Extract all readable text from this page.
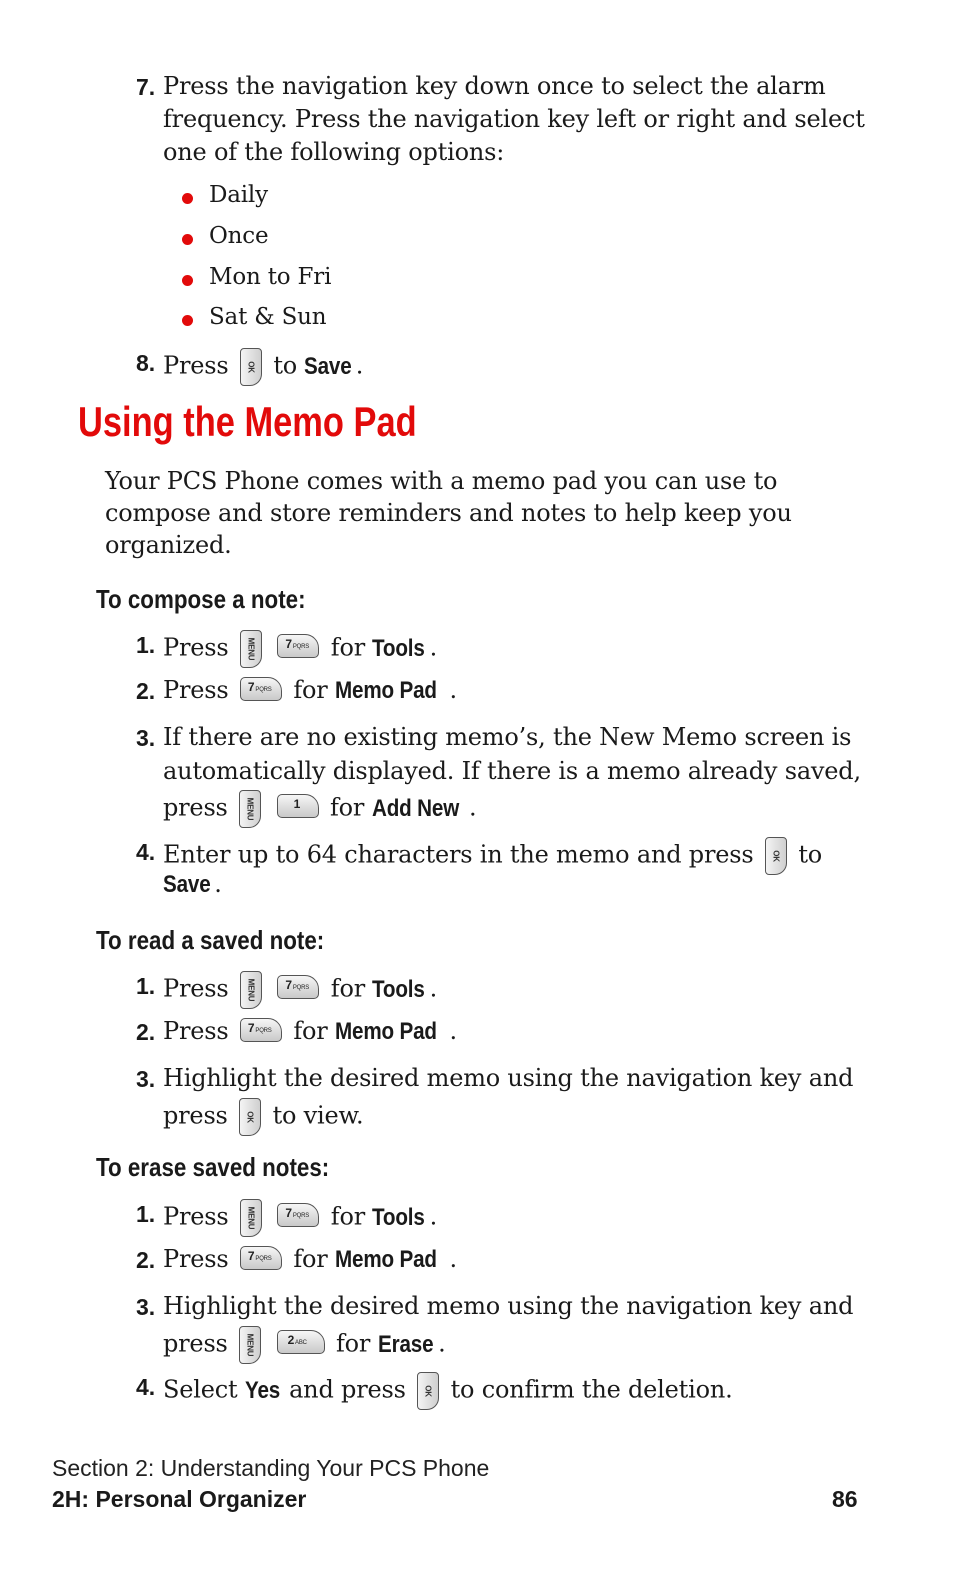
7. Press the navigation key down once to select the alarm
frequency. Press the navigation key left or right and select
one of the following options:
Daily
Once
Mon to Fri
Sat & Sun
8. Press OK to Save .
Using the Memo Pad
Your PCS Phone comes with a memo pad you can use to
compose and store reminders and notes to help keep you
organized.
To compose a note:
1. Press MENU
7PQRS for Tools .
2. Press 7PQRS for Memo Pad .
3. If there are no existing memo’s, the New Memo screen is
automatically displayed. If there is a memo already saved,
press MENU
	1 for Add New .
4. Enter up to 64 characters in the memo and press OK to
Save .
To read a saved note:
1. Press MENU
7PQRS for Tools .
2. Press 7PQRS for Memo Pad .
3. Highlight the desired memo using the navigation key and
press OK to view.
To erase saved notes:
1. Press MENU
7PQRS for Tools .
2. Press 7PQRS for Memo Pad .
3. Highlight the desired memo using the navigation key and
press MENU
	2ABC for Erase .
4. Select Yes and press OK to confirm the deletion.
Section 2: Understanding Your PCS Phone
2H: Personal Organizer	86
